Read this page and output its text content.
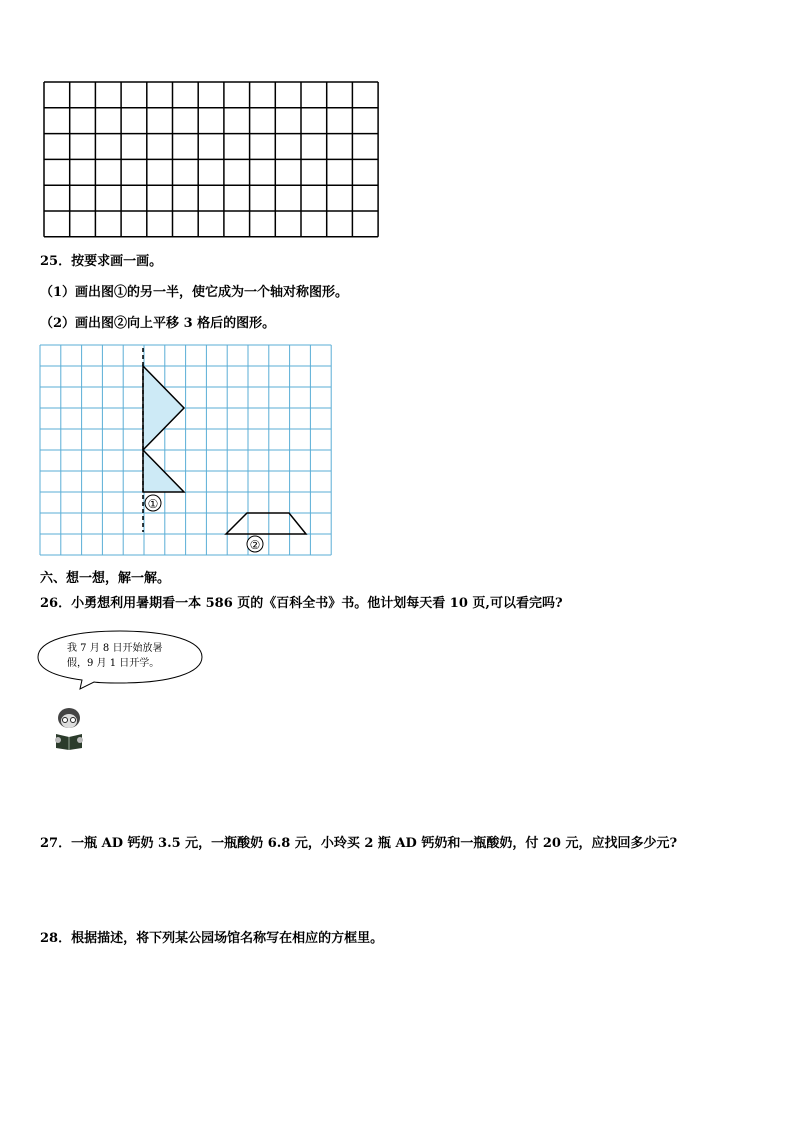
25．按要求画一画。
（1）画出图①的另一半，使它成为一个轴对称图形。
（2）画出图②向上平移 3 格后的图形。
①
②
六、想一想，解一解。
26．小勇想利用暑期看一本 586 页的《百科全书》书。他计划每天看 10 页,可以看完吗?
我 7 月 8 日开始放暑
假，9 月 1 日开学。
27．一瓶 AD 钙奶 3.5 元，一瓶酸奶 6.8 元，小玲买 2 瓶 AD 钙奶和一瓶酸奶，付 20 元，应找回多少元?
28．根据描述，将下列某公园场馆名称写在相应的方框里。
